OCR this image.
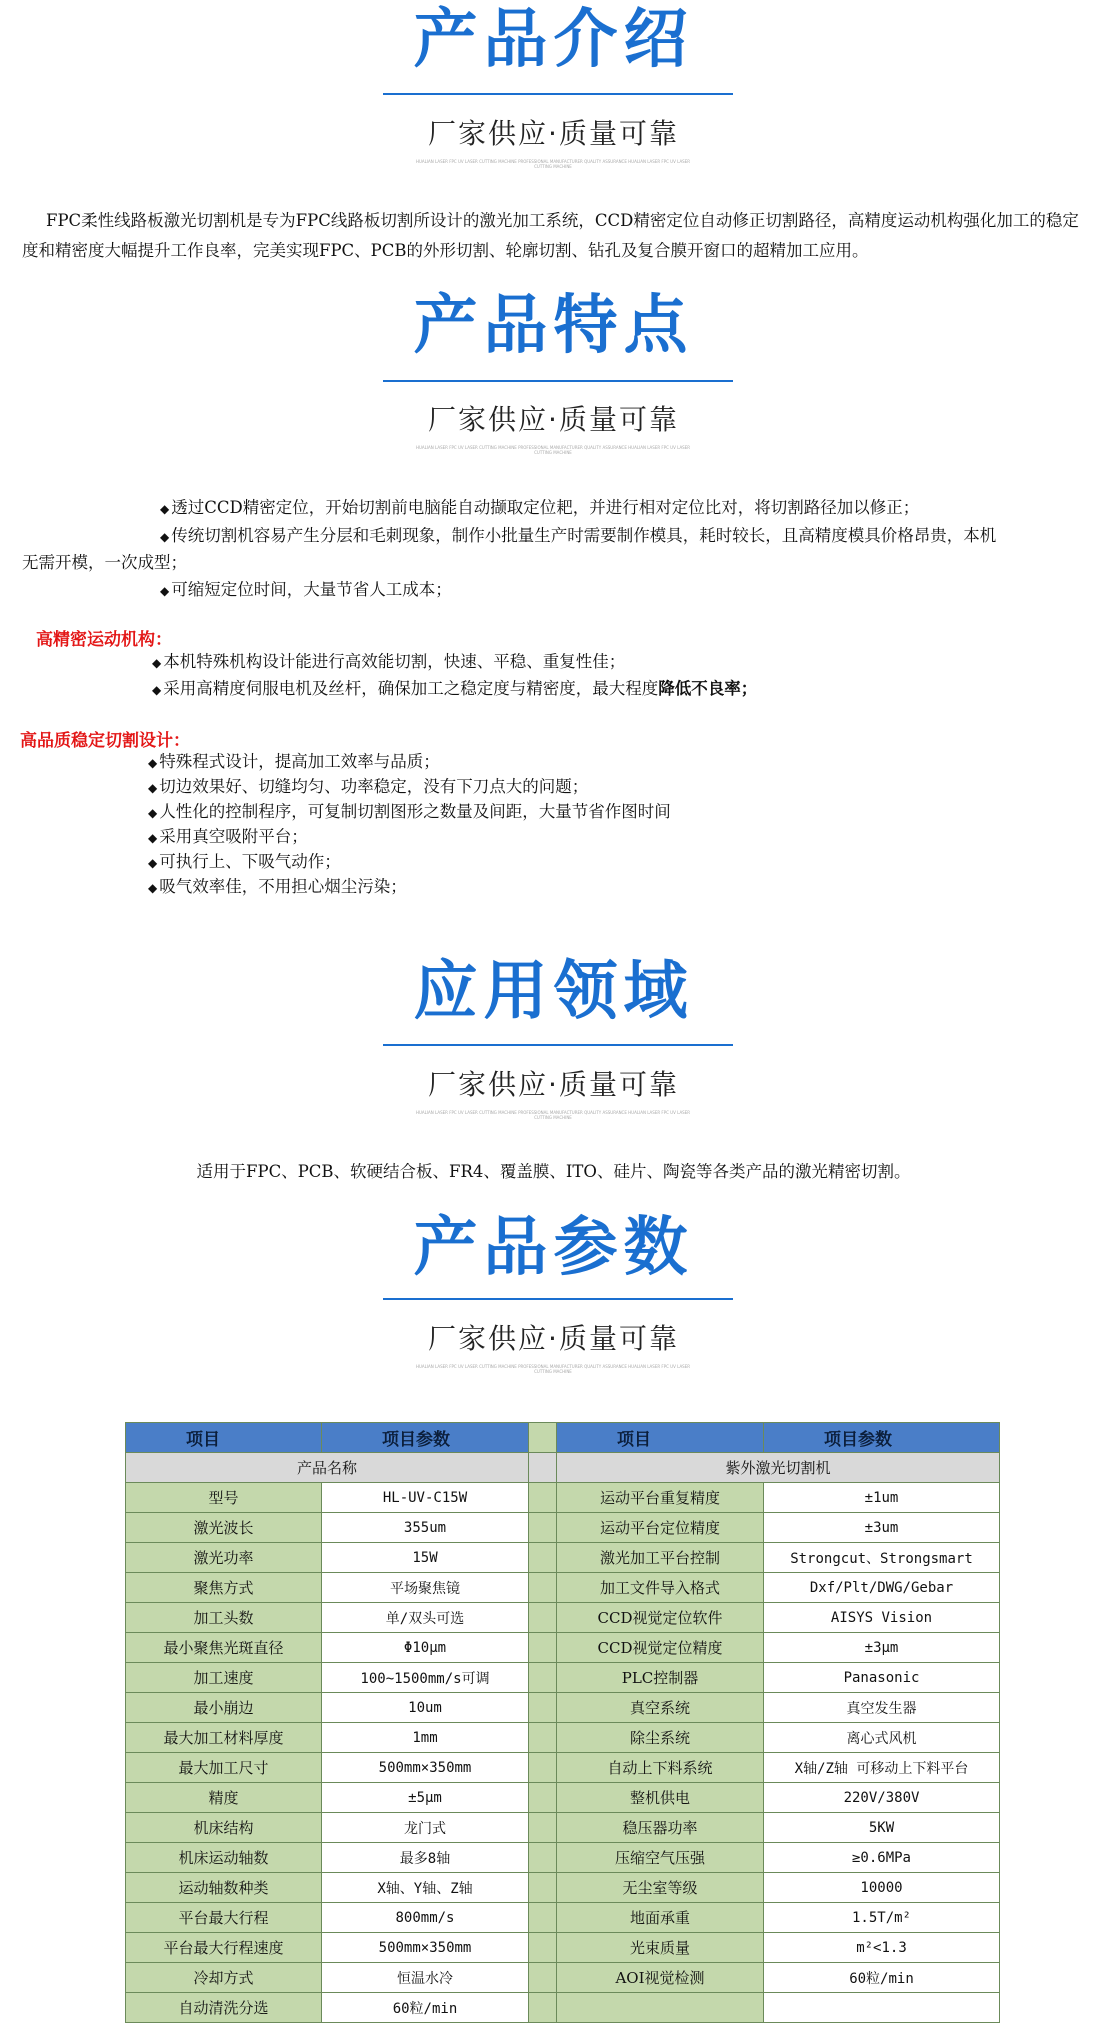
产品介绍
厂家供应·质量可靠
HUALIAN LASER FPC UV LASER CUTTING MACHINE PROFESSIONAL MANUFACTURER QUALITY ASSURANCE HUALIAN LASER FPC UV LASER CUTTING MACHINE
FPC柔性线路板激光切割机是专为FPC线路板切割所设计的激光加工系统，CCD精密定位自动修正切割路径，高精度运动机构强化加工的稳定度和精密度大幅提升工作良率，完美实现FPC、PCB的外形切割、轮廓切割、钻孔及复合膜开窗口的超精加工应用。
产品特点
厂家供应·质量可靠
HUALIAN LASER FPC UV LASER CUTTING MACHINE PROFESSIONAL MANUFACTURER QUALITY ASSURANCE HUALIAN LASER FPC UV LASER CUTTING MACHINE
◆ 透过CCD精密定位，开始切割前电脑能自动撷取定位耙，并进行相对定位比对，将切割路径加以修正；
◆ 传统切割机容易产生分层和毛刺现象，制作小批量生产时需要制作模具，耗时较长，且高精度模具价格昂贵，本机
无需开模，一次成型；
◆ 可缩短定位时间，大量节省人工成本；
高精密运动机构：
◆ 本机特殊机构设计能进行高效能切割，快速、平稳、重复性佳；
◆ 采用高精度伺服电机及丝杆，确保加工之稳定度与精密度，最大程度降低不良率；
高品质稳定切割设计：
◆ 特殊程式设计，提高加工效率与品质；
◆ 切边效果好、切缝均匀、功率稳定，没有下刀点大的问题；
◆ 人性化的控制程序，可复制切割图形之数量及间距，大量节省作图时间
◆ 采用真空吸附平台；
◆ 可执行上、下吸气动作；
◆ 吸气效率佳，不用担心烟尘污染；
应用领域
厂家供应·质量可靠
HUALIAN LASER FPC UV LASER CUTTING MACHINE PROFESSIONAL MANUFACTURER QUALITY ASSURANCE HUALIAN LASER FPC UV LASER CUTTING MACHINE
适用于FPC、PCB、软硬结合板、FR4、覆盖膜、ITO、硅片、陶瓷等各类产品的激光精密切割。
产品参数
厂家供应·质量可靠
HUALIAN LASER FPC UV LASER CUTTING MACHINE PROFESSIONAL MANUFACTURER QUALITY ASSURANCE HUALIAN LASER FPC UV LASER CUTTING MACHINE
项目	项目参数		项目	项目参数
产品名称			紫外激光切割机	
型号	HL-UV-C15W		运动平台重复精度	±1um
激光波长	355um		运动平台定位精度	±3um
激光功率	15W		激光加工平台控制	Strongcut、Strongsmart
聚焦方式	平场聚焦镜		加工文件导入格式	Dxf/Plt/DWG/Gebar
加工头数	单/双头可选		CCD视觉定位软件	AISYS Vision
最小聚焦光斑直径	Φ10μm		CCD视觉定位精度	±3μm
加工速度	100~1500mm/s可调		PLC控制器	Panasonic
最小崩边	10um		真空系统	真空发生器
最大加工材料厚度	1mm		除尘系统	离心式风机
最大加工尺寸	500mm×350mm		自动上下料系统	X轴/Z轴 可移动上下料平台
精度	±5μm		整机供电	220V/380V
机床结构	龙门式		稳压器功率	5KW
机床运动轴数	最多8轴		压缩空气压强	≥0.6MPa
运动轴数种类	X轴、Y轴、Z轴		无尘室等级	10000
平台最大行程	800mm/s		地面承重	1.5T/m²
平台最大行程速度	500mm×350mm		光束质量	m²<1.3
冷却方式	恒温水冷		AOI视觉检测	60粒/min
自动清洗分选	60粒/min			
